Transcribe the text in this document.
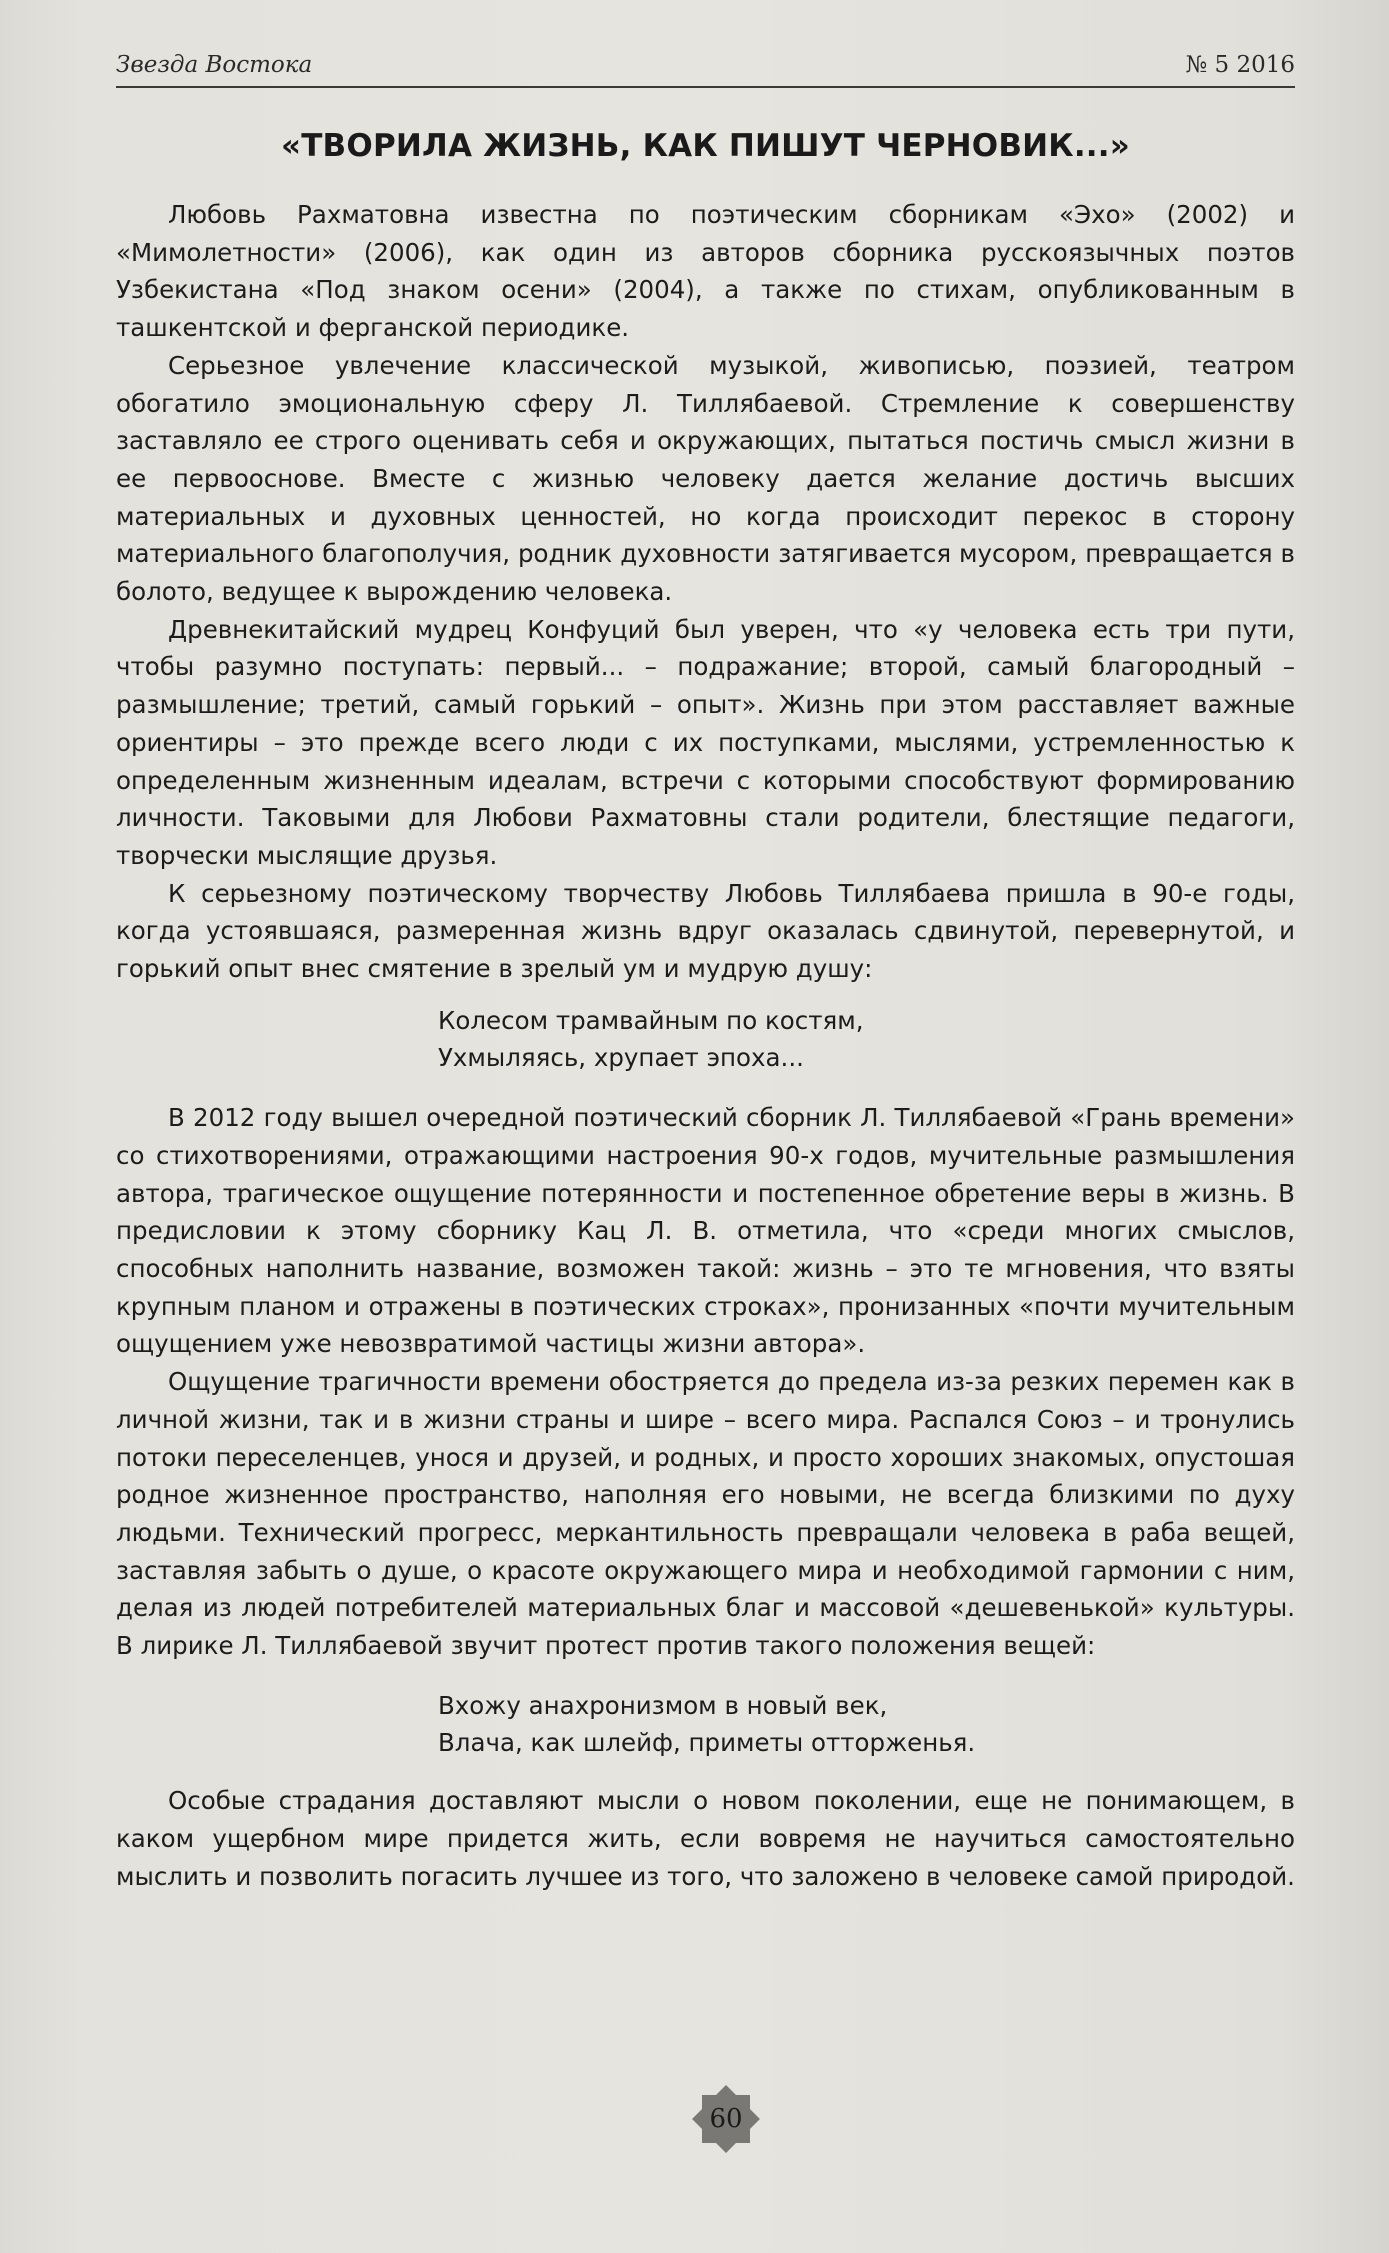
Звезда Востока	№ 5 2016
«ТВОРИЛА ЖИЗНЬ, КАК ПИШУТ ЧЕРНОВИК...»

Любовь Рахматовна известна по поэтическим сборникам «Эхо» (2002) и «Мимолетности» (2006), как один из авторов сборника русскоязычных поэтов Узбекистана «Под знаком осени» (2004), а также по стихам, опубликованным в ташкентской и ферганской периодике.

Серьезное увлечение классической музыкой, живописью, поэзией, театром обогатило эмоциональную сферу Л. Тиллябаевой. Стремление к совершенству заставляло ее строго оценивать себя и окружающих, пытаться постичь смысл жизни в ее первооснове. Вместе с жизнью человеку дается желание достичь высших материальных и духовных ценностей, но когда происходит перекос в сторону материального благополучия, родник духовности затягивается мусором, превращается в болото, ведущее к вырождению человека.

Древнекитайский мудрец Конфуций был уверен, что «у человека есть три пути, чтобы разумно поступать: первый... – подражание; второй, самый благородный – размышление; третий, самый горький – опыт». Жизнь при этом расставляет важные ориентиры – это прежде всего люди с их поступками, мыслями, устремленностью к определенным жизненным идеалам, встречи с которыми способствуют формированию личности. Таковыми для Любови Рахматовны стали родители, блестящие педагоги, творчески мыслящие друзья.

К серьезному поэтическому творчеству Любовь Тиллябаева пришла в 90-е годы, когда устоявшаяся, размеренная жизнь вдруг оказалась сдвинутой, перевернутой, и горький опыт внес смятение в зрелый ум и мудрую душу:

Колесом трамвайным по костям,
Ухмыляясь, хрупает эпоха...

В 2012 году вышел очередной поэтический сборник Л. Тиллябаевой «Грань времени» со стихотворениями, отражающими настроения 90-х годов, мучительные размышления автора, трагическое ощущение потерянности и постепенное обретение веры в жизнь. В предисловии к этому сборнику Кац Л. В. отметила, что «среди многих смыслов, способных наполнить название, возможен такой: жизнь – это те мгновения, что взяты крупным планом и отражены в поэтических строках», пронизанных «почти мучительным ощущением уже невозвратимой частицы жизни автора».

Ощущение трагичности времени обостряется до предела из-за резких перемен как в личной жизни, так и в жизни страны и шире – всего мира. Распался Союз – и тронулись потоки переселенцев, унося и друзей, и родных, и просто хороших знакомых, опустошая родное жизненное пространство, наполняя его новыми, не всегда близкими по духу людьми. Технический прогресс, меркантильность превращали человека в раба вещей, заставляя забыть о душе, о красоте окружающего мира и необходимой гармонии с ним, делая из людей потребителей материальных благ и массовой «дешевенькой» культуры. В лирике Л. Тиллябаевой звучит протест против такого положения вещей:

Вхожу анахронизмом в новый век,
Влача, как шлейф, приметы отторженья.

Особые страдания доставляют мысли о новом поколении, еще не понимающем, в каком ущербном мире придется жить, если вовремя не научиться самостоятельно мыслить и позволить погасить лучшее из того, что заложено в человеке самой природой.

60
